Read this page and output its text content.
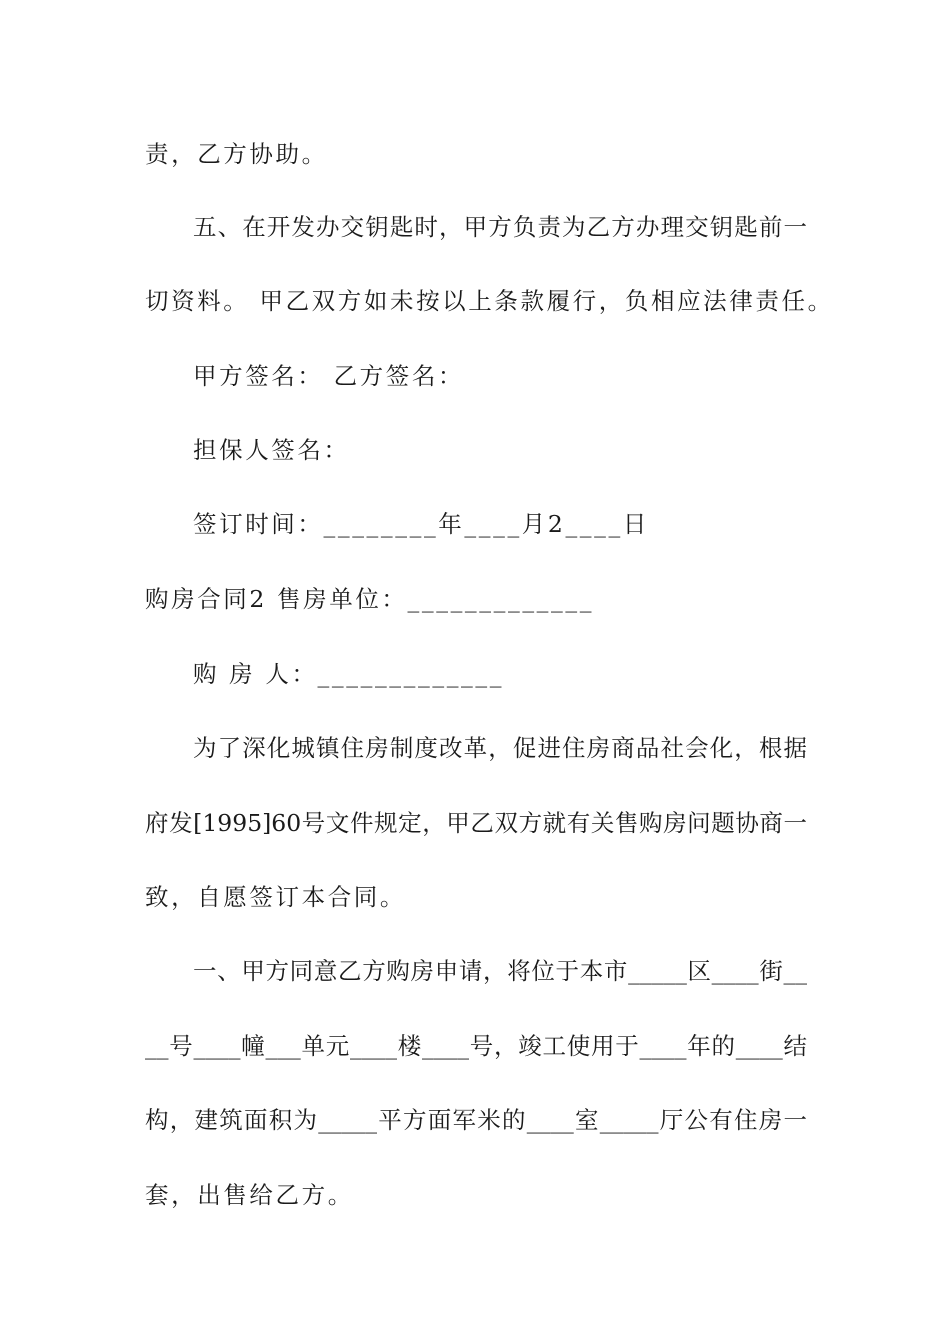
责，乙方协助。
五、在开发办交钥匙时，甲方负责为乙方办理交钥匙前一
切资料。 甲乙双方如未按以上条款履行，负相应法律责任。
甲方签名： 乙方签名：
担保人签名：
签订时间：________年____月2____日
购房合同2 售房单位：_____________
购 房 人：_____________
为了深化城镇住房制度改革，促进住房商品社会化，根据
府发[1995]60号文件规定，甲乙双方就有关售购房问题协商一
致，自愿签订本合同。
一、甲方同意乙方购房申请，将位于本市_____区____街__
__号____幢___单元____楼____号，竣工使用于____年的____结
构，建筑面积为_____平方面军米的____室_____厅公有住房一
套，出售给乙方。
